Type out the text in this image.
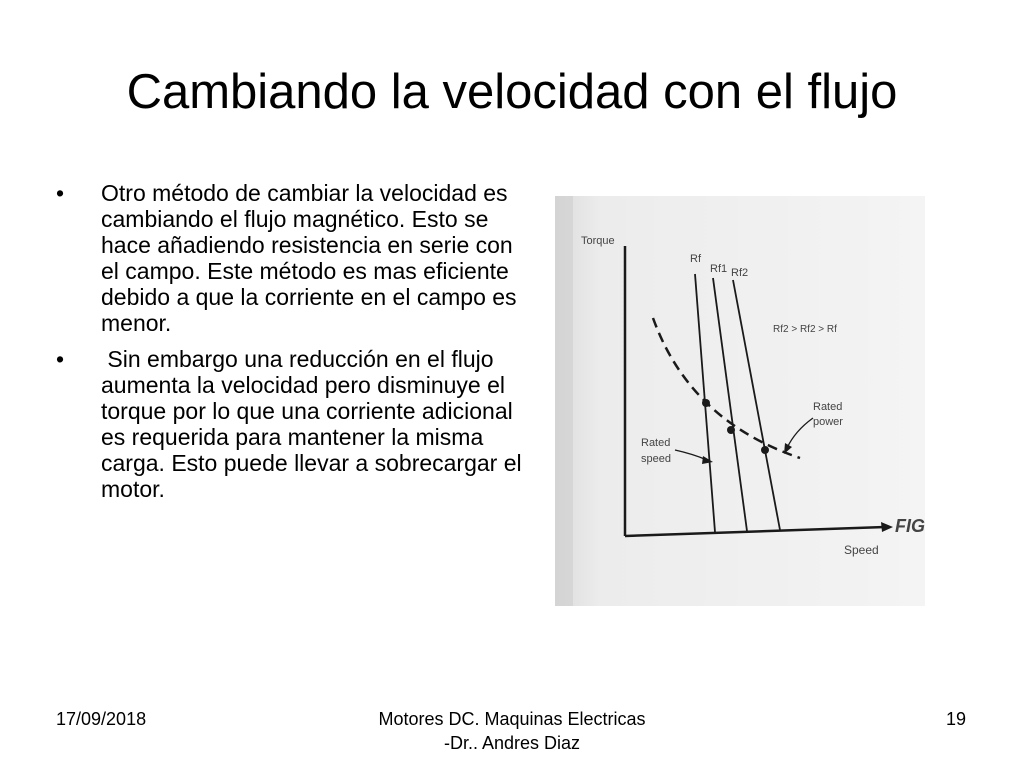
Cambiando la velocidad con el flujo
• Otro método de cambiar la velocidad es cambiando el flujo magnético. Esto se hace añadiendo resistencia en serie con el campo. Este método es mas eficiente debido a que la corriente en el campo es menor.
• Sin embargo una reducción en el flujo aumenta la velocidad pero disminuye el torque por lo que una corriente adicional es requerida para mantener la misma carga. Esto puede llevar a sobrecargar el motor.
Torque
Speed
FIG
Rf
Rf1 Rf2
Rf2 > Rf2 > Rf
Rated
power
Rated
speed
17/09/2018	Motores DC. Maquinas Electricas
-Dr.. Andres Diaz
19
